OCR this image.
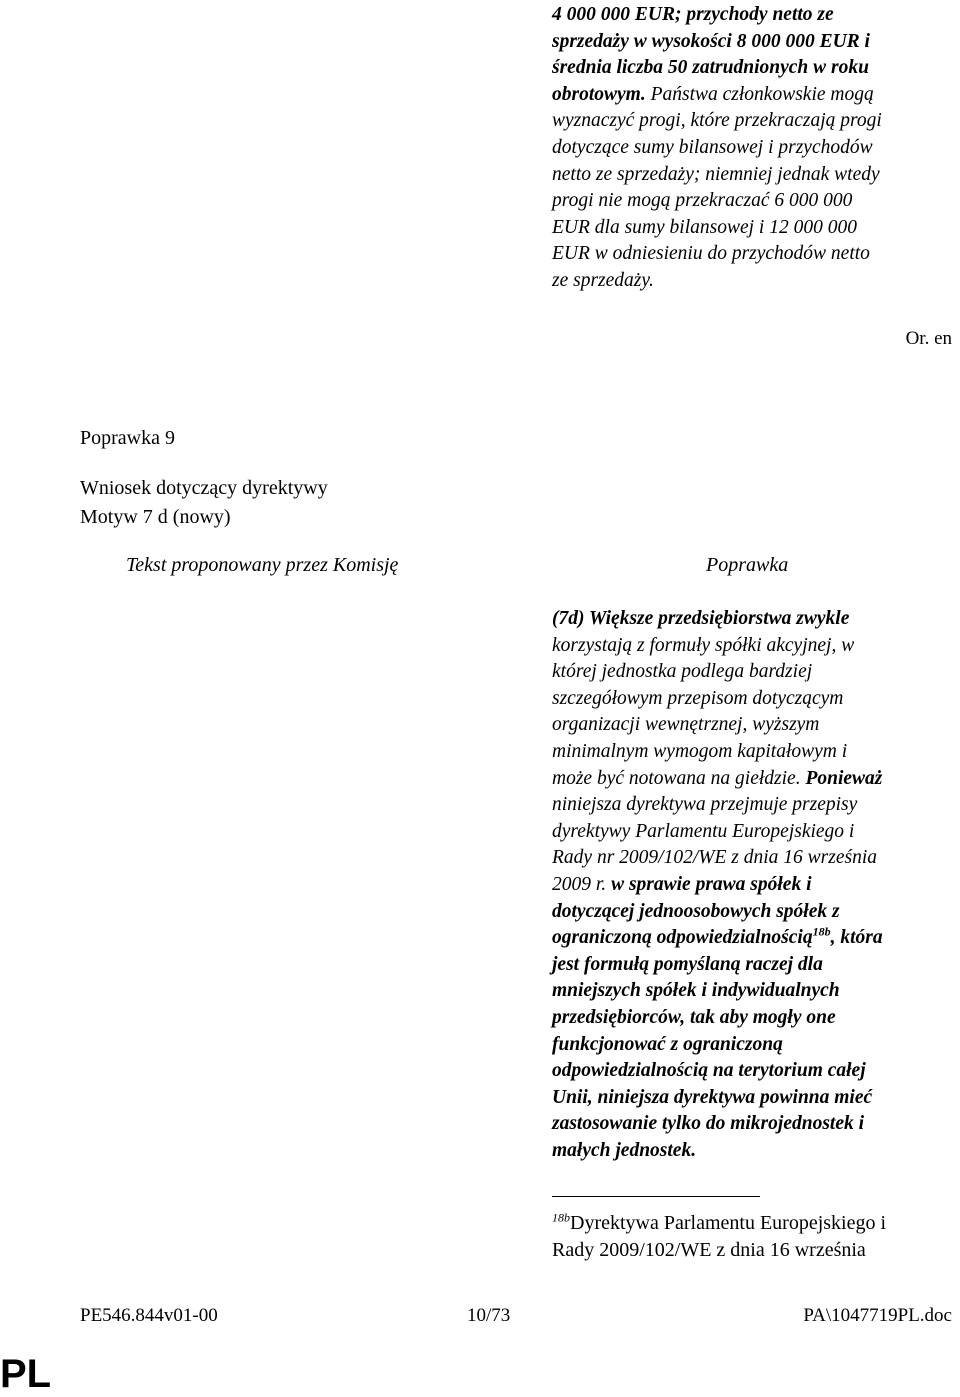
4 000 000 EUR; przychody netto ze
sprzedaży w wysokości 8 000 000 EUR i
średnia liczba 50 zatrudnionych w roku
obrotowym. Państwa członkowskie mogą
wyznaczyć progi, które przekraczają progi
dotyczące sumy bilansowej i przychodów
netto ze sprzedaży; niemniej jednak wtedy
progi nie mogą przekraczać 6 000 000
EUR dla sumy bilansowej i 12 000 000
EUR w odniesieniu do przychodów netto
ze sprzedaży.
Or. en
Poprawka 9
Wniosek dotyczący dyrektywy
Motyw 7 d (nowy)
Tekst proponowany przez Komisję	Poprawka
(7d) Większe przedsiębiorstwa zwykle
korzystają z formuły spółki akcyjnej, w
której jednostka podlega bardziej
szczegółowym przepisom dotyczącym
organizacji wewnętrznej, wyższym
minimalnym wymogom kapitałowym i
może być notowana na giełdzie. Ponieważ
niniejsza dyrektywa przejmuje przepisy
dyrektywy Parlamentu Europejskiego i
Rady nr 2009/102/WE z dnia 16 września
2009 r. w sprawie prawa spółek i
dotyczącej jednoosobowych spółek z
ograniczoną odpowiedzialnością$^{18b}$, która
jest formułą pomyślaną raczej dla
mniejszych spółek i indywidualnych
przedsiębiorców, tak aby mogły one
funkcjonować z ograniczoną
odpowiedzialnością na terytorium całej
Unii, niniejsza dyrektywa powinna mieć
zastosowanie tylko do mikrojednostek i
małych jednostek.
$^{18b}$Dyrektywa Parlamentu Europejskiego i
Rady 2009/102/WE z dnia 16 września
PE546.844v01-00	10/73	PA\1047719PL.doc
PL
